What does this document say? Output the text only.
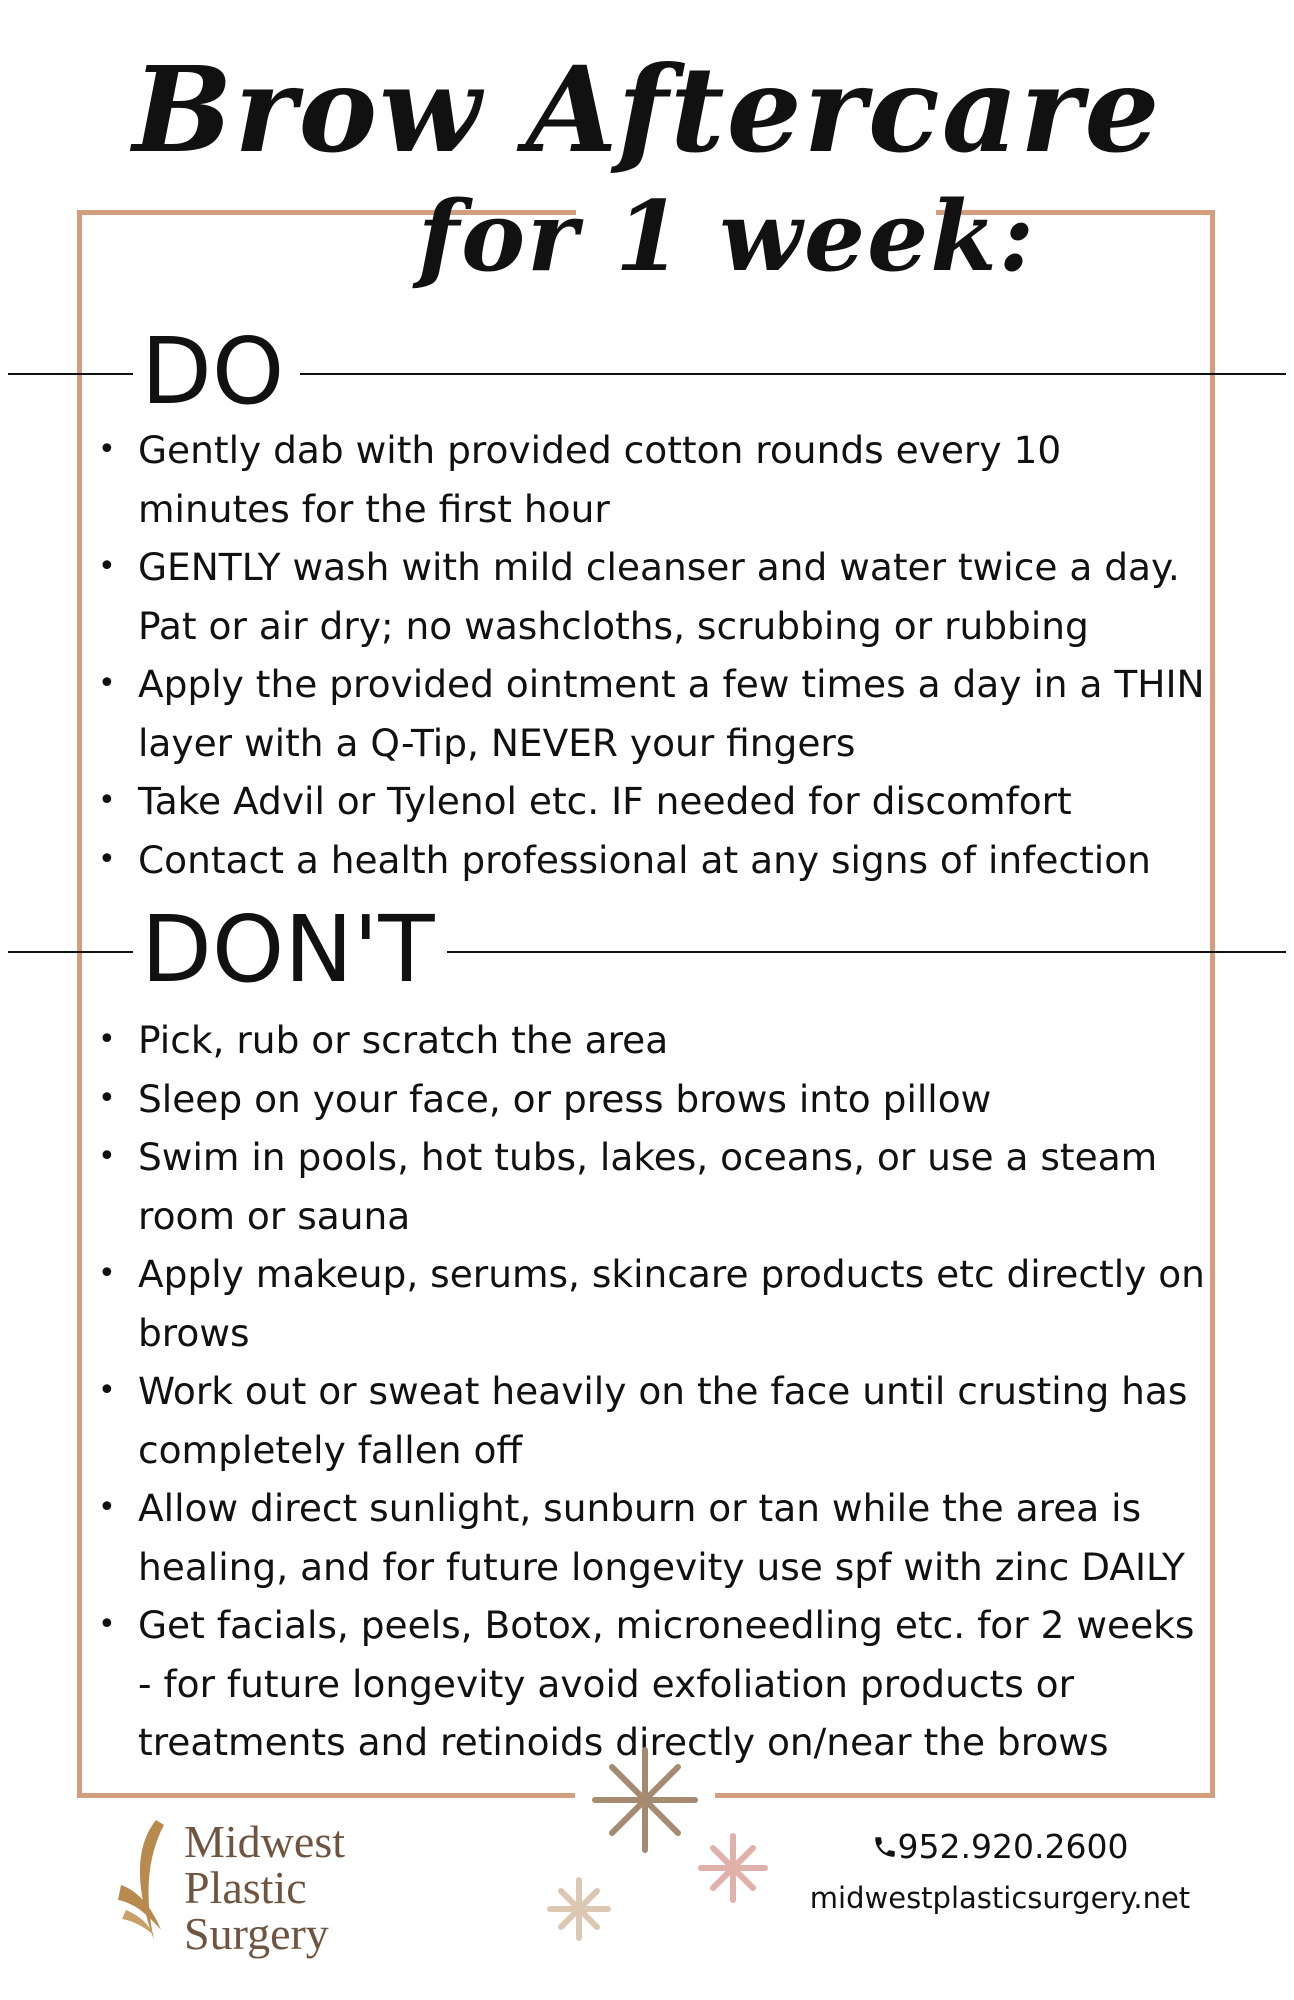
Brow Aftercare
for 1 week:
DO
• Gently dab with provided cotton rounds every 10 minutes for the first hour
• GENTLY wash with mild cleanser and water twice a day. Pat or air dry; no washcloths, scrubbing or rubbing
• Apply the provided ointment a few times a day in a THIN layer with a Q-Tip, NEVER your fingers
• Take Advil or Tylenol etc. IF needed for discomfort
• Contact a health professional at any signs of infection
DON'T
• Pick, rub or scratch the area
• Sleep on your face, or press brows into pillow
• Swim in pools, hot tubs, lakes, oceans, or use a steam room or sauna
• Apply makeup, serums, skincare products etc directly on brows
• Work out or sweat heavily on the face until crusting has completely fallen off
• Allow direct sunlight, sunburn or tan while the area is healing, and for future longevity use spf with zinc DAILY
• Get facials, peels, Botox, microneedling etc. for 2 weeks - for future longevity avoid exfoliation products or treatments and retinoids directly on/near the brows
Midwest
Plastic Surgery
952.920.2600
midwestplasticsurgery.net
